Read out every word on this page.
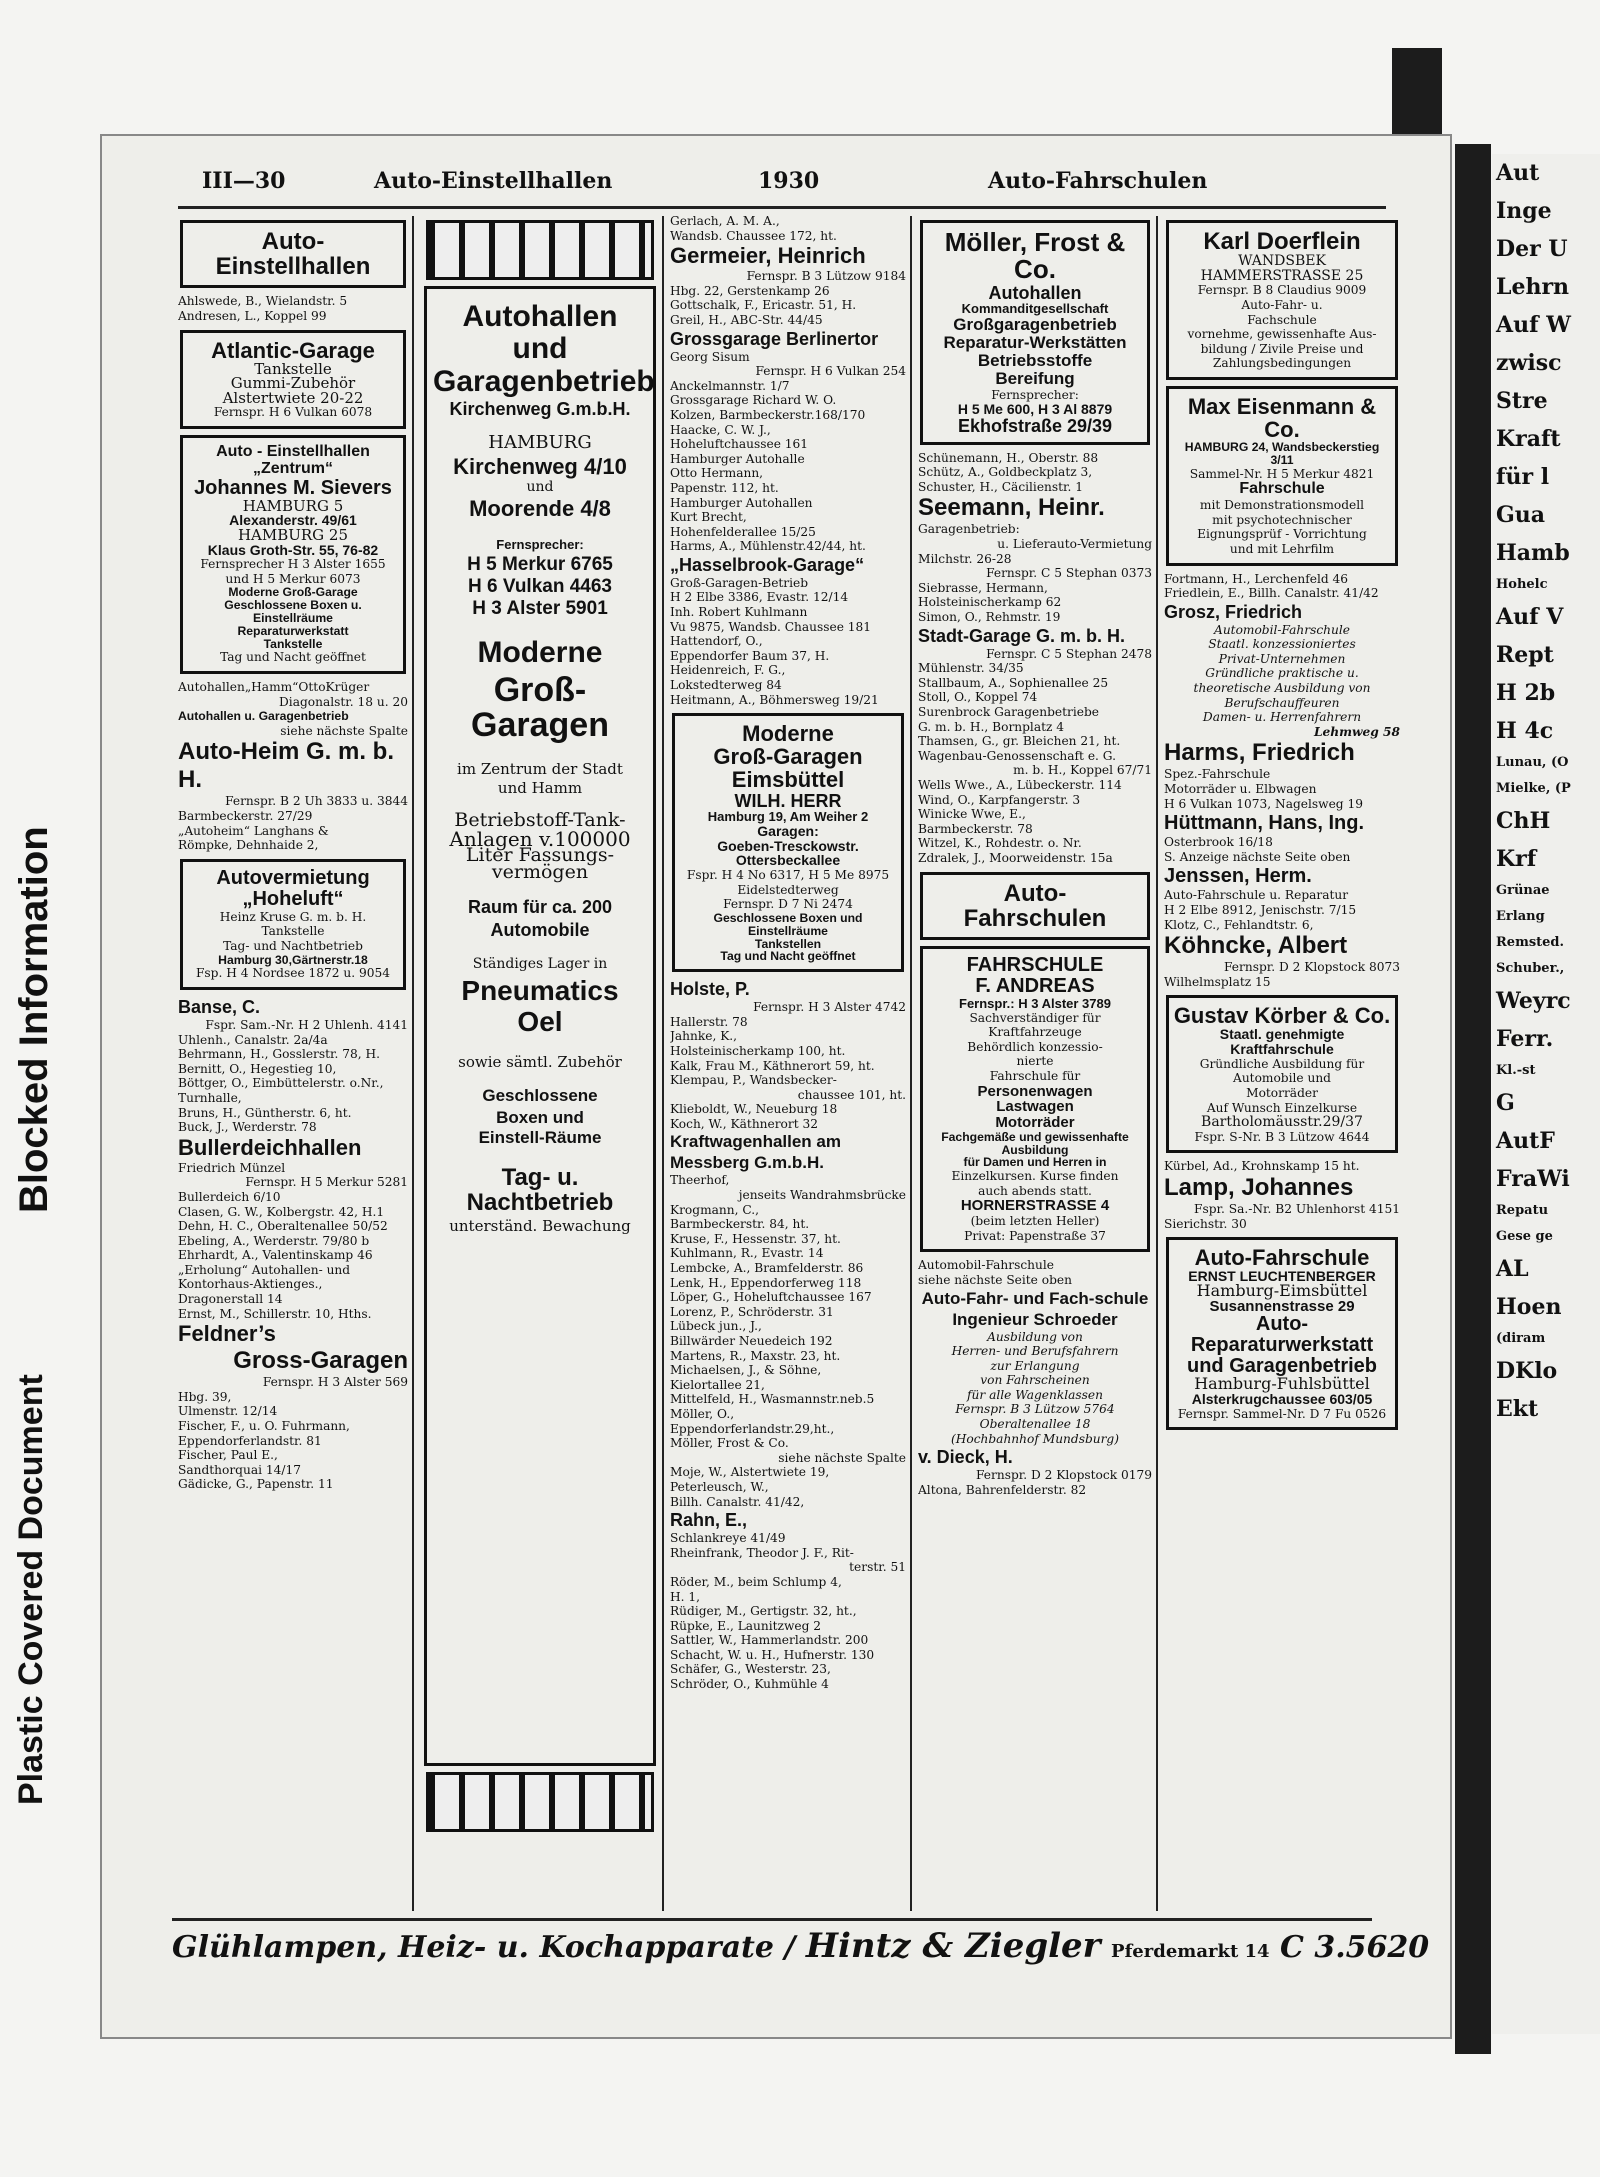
Plastic Covered Document
Blocked Information
III—30	Auto-Einstellhallen	1930	Auto-Fahrschulen
Auto-
Einstellhallen
Ahlswede, B., Wielandstr. 5
Andresen, L., Koppel 99
Atlantic-Garage
Tankstelle
Gummi-Zubehör
Alstertwiete 20-22
Fernspr. H 6 Vulkan 6078
Auto - Einstellhallen
„Zentrum“
Johannes M. Sievers
HAMBURG 5
Alexanderstr. 49/61
HAMBURG 25
Klaus Groth-Str. 55, 76-82
Fernsprecher H 3 Alster 1655
und H 5 Merkur 6073
Moderne Groß-Garage
Geschlossene Boxen u.
Einstellräume
Reparaturwerkstatt
Tankstelle
Tag und Nacht geöffnet
Autohallen„Hamm“OttoKrüger
Diagonalstr. 18 u. 20
Autohallen u. Garagenbetrieb
siehe nächste Spalte
Auto-Heim G. m. b. H.
Fernspr. B 2 Uh 3833 u. 3844
Barmbeckerstr. 27/29
„Autoheim“ Langhans &
Römpke, Dehnhaide 2,
Autovermietung
„Hoheluft“
Heinz Kruse G. m. b. H.
Tankstelle
Tag- und Nachtbetrieb
Hamburg 30,Gärtnerstr.18
Fsp. H 4 Nordsee 1872 u. 9054
Banse, C.
Fspr. Sam.-Nr. H 2 Uhlenh. 4141
Uhlenh., Canalstr. 2a/4a
Behrmann, H., Gosslerstr. 78, H.
Bernitt, O., Hegestieg 10,
Böttger, O., Eimbüttelerstr. o.Nr.,
Turnhalle,
Bruns, H., Güntherstr. 6, ht.
Buck, J., Werderstr. 78
Bullerdeichhallen
Friedrich Münzel
Fernspr. H 5 Merkur 5281
Bullerdeich 6/10
Clasen, G. W., Kolbergstr. 42, H.1
Dehn, H. C., Oberaltenallee 50/52
Ebeling, A., Werderstr. 79/80 b
Ehrhardt, A., Valentinskamp 46
„Erholung“ Autohallen- und
Kontorhaus-Aktienges.,
Dragonerstall 14
Ernst, M., Schillerstr. 10, Hths.
Feldner’s
Gross-Garagen
Fernspr. H 3 Alster 569
Hbg. 39,
Ulmenstr. 12/14
Fischer, F., u. O. Fuhrmann,
Eppendorferlandstr. 81
Fischer, Paul E.,
Sandthorquai 14/17
Gädicke, G., Papenstr. 11
Autohallen und
Garagenbetrieb
Kirchenweg G.m.b.H.
HAMBURG
Kirchenweg 4/10
und
Moorende 4/8
Fernsprecher:
H 5 Merkur 6765
H 6 Vulkan 4463
H 3 Alster 5901
Moderne
Groß-Garagen
im Zentrum der Stadt
und Hamm
Betriebstoff-Tank-
Anlagen v.100000
Liter Fassungs-
vermögen
Raum für ca. 200
Automobile
Ständiges Lager in
Pneumatics
Oel
sowie sämtl. Zubehör
Geschlossene
Boxen und
Einstell-Räume
Tag- u. Nachtbetrieb
unterständ. Bewachung
Gerlach, A. M. A.,
Wandsb. Chaussee 172, ht.
Germeier, Heinrich
Fernspr. B 3 Lützow 9184
Hbg. 22, Gerstenkamp 26
Gottschalk, F., Ericastr. 51, H.
Greil, H., ABC-Str. 44/45
Grossgarage Berlinertor
Georg Sisum
Fernspr. H 6 Vulkan 254
Anckelmannstr. 1/7
Grossgarage Richard W. O.
Kolzen, Barmbeckerstr.168/170
Haacke, C. W. J.,
Hoheluftchaussee 161
Hamburger Autohalle
Otto Hermann,
Papenstr. 112, ht.
Hamburger Autohallen
Kurt Brecht,
Hohenfelderallee 15/25
Harms, A., Mühlenstr.42/44, ht.
„Hasselbrook-Garage“
Groß-Garagen-Betrieb
H 2 Elbe 3386, Evastr. 12/14
Inh. Robert Kuhlmann
Vu 9875, Wandsb. Chaussee 181
Hattendorf, O.,
Eppendorfer Baum 37, H.
Heidenreich, F. G.,
Lokstedterweg 84
Heitmann, A., Böhmersweg 19/21
Moderne
Groß-Garagen
Eimsbüttel
WILH. HERR
Hamburg 19, Am Weiher 2
Garagen:
Goeben-Tresckowstr.
Ottersbeckallee
Fspr. H 4 No 6317, H 5 Me 8975
Eidelstedterweg
Fernspr. D 7 Ni 2474
Geschlossene Boxen und
Einstellräume
Tankstellen
Tag und Nacht geöffnet
Holste, P.
Fernspr. H 3 Alster 4742
Hallerstr. 78
Jahnke, K.,
Holsteinischerkamp 100, ht.
Kalk, Frau M., Käthnerort 59, ht.
Klempau, P., Wandsbecker-
chaussee 101, ht.
Klieboldt, W., Neueburg 18
Koch, W., Käthnerort 32
Kraftwagenhallen am Messberg G.m.b.H.
Theerhof,
jenseits Wandrahmsbrücke
Krogmann, C.,
Barmbeckerstr. 84, ht.
Kruse, F., Hessenstr. 37, ht.
Kuhlmann, R., Evastr. 14
Lembcke, A., Bramfelderstr. 86
Lenk, H., Eppendorferweg 118
Löper, G., Hoheluftchaussee 167
Lorenz, P., Schröderstr. 31
Lübeck jun., J.,
Billwärder Neuedeich 192
Martens, R., Maxstr. 23, ht.
Michaelsen, J., & Söhne,
Kielortallee 21,
Mittelfeld, H., Wasmannstr.neb.5
Möller, O.,
Eppendorferlandstr.29,ht.,
Möller, Frost & Co.
siehe nächste Spalte
Moje, W., Alstertwiete 19,
Peterleusch, W.,
Billh. Canalstr. 41/42,
Rahn, E.,
Schlankreye 41/49
Rheinfrank, Theodor J. F., Rit-
terstr. 51
Röder, M., beim Schlump 4,
H. 1,
Rüdiger, M., Gertigstr. 32, ht.,
Rüpke, E., Launitzweg 2
Sattler, W., Hammerlandstr. 200
Schacht, W. u. H., Hufnerstr. 130
Schäfer, G., Westerstr. 23,
Schröder, O., Kuhmühle 4
Möller, Frost & Co.
Autohallen
Kommanditgesellschaft
Großgaragenbetrieb
Reparatur-Werkstätten
Betriebsstoffe
Bereifung
Fernsprecher:
H 5 Me 600, H 3 Al 8879
Ekhofstraße 29/39
Schünemann, H., Oberstr. 88
Schütz, A., Goldbeckplatz 3,
Schuster, H., Cäcilienstr. 1
Seemann, Heinr.
Garagenbetrieb:
u. Lieferauto-Vermietung
Milchstr. 26-28
Fernspr. C 5 Stephan 0373
Siebrasse, Hermann,
Holsteinischerkamp 62
Simon, O., Rehmstr. 19
Stadt-Garage G. m. b. H.
Fernspr. C 5 Stephan 2478
Mühlenstr. 34/35
Stallbaum, A., Sophienallee 25
Stoll, O., Koppel 74
Surenbrock Garagenbetriebe
G. m. b. H., Bornplatz 4
Thamsen, G., gr. Bleichen 21, ht.
Wagenbau-Genossenschaft e. G.
m. b. H., Koppel 67/71
Wells Wwe., A., Lübeckerstr. 114
Wind, O., Karpfangerstr. 3
Winicke Wwe, E.,
Barmbeckerstr. 78
Witzel, K., Rohdestr. o. Nr.
Zdralek, J., Moorweidenstr. 15a
Auto-
Fahrschulen
FAHRSCHULE
F. ANDREAS
Fernspr.: H 3 Alster 3789
Sachverständiger für
Kraftfahrzeuge
Behördlich konzessio-
nierte
Fahrschule für
Personenwagen
Lastwagen
Motorräder
Fachgemäße und gewissenhafte
Ausbildung
für Damen und Herren in
Einzelkursen. Kurse finden
auch abends statt.
HORNERSTRASSE 4
(beim letzten Heller)
Privat: Papenstraße 37
Automobil-Fahrschule
siehe nächste Seite oben
Auto-Fahr- und Fach-schule Ingenieur Schroeder
Ausbildung von
Herren- und Berufsfahrern
zur Erlangung
von Fahrscheinen
für alle Wagenklassen
Fernspr. B 3 Lützow 5764
Oberaltenallee 18
(Hochbahnhof Mundsburg)
v. Dieck, H.
Fernspr. D 2 Klopstock 0179
Altona, Bahrenfelderstr. 82
Karl Doerflein
WANDSBEK
HAMMERSTRASSE 25
Fernspr. B 8 Claudius 9009
Auto-Fahr- u.
Fachschule
vornehme, gewissenhafte Aus-
bildung / Zivile Preise und
Zahlungsbedingungen
Max Eisenmann & Co.
HAMBURG 24, Wandsbeckerstieg 3/11
Sammel-Nr. H 5 Merkur 4821
Fahrschule
mit Demonstrationsmodell
mit psychotechnischer
Eignungsprüf - Vorrichtung
und mit Lehrfilm
Fortmann, H., Lerchenfeld 46
Friedlein, E., Billh. Canalstr. 41/42
Grosz, Friedrich
Automobil-Fahrschule
Staatl. konzessioniertes
Privat-Unternehmen
Gründliche praktische u.
theoretische Ausbildung von
Berufschauffeuren
Damen- u. Herrenfahrern
Lehmweg 58
Harms, Friedrich
Spez.-Fahrschule
Motorräder u. Elbwagen
H 6 Vulkan 1073, Nagelsweg 19
Hüttmann, Hans, Ing.
Osterbrook 16/18
S. Anzeige nächste Seite oben
Jenssen, Herm.
Auto-Fahrschule u. Reparatur
H 2 Elbe 8912, Jenischstr. 7/15
Klotz, C., Fehlandtstr. 6,
Köhncke, Albert
Fernspr. D 2 Klopstock 8073
Wilhelmsplatz 15
Gustav Körber & Co.
Staatl. genehmigte
Kraftfahrschule
Gründliche Ausbildung für
Automobile und
Motorräder
Auf Wunsch Einzelkurse
Bartholomäusstr.29/37
Fspr. S-Nr. B 3 Lützow 4644
Kürbel, Ad., Krohnskamp 15 ht.
Lamp, Johannes
Fspr. Sa.-Nr. B2 Uhlenhorst 4151
Sierichstr. 30
Auto-Fahrschule
ERNST LEUCHTENBERGER
Hamburg-Eimsbüttel
Susannenstrasse 29
Auto-Reparaturwerkstatt
und Garagenbetrieb
Hamburg-Fuhlsbüttel
Alsterkrugchaussee 603/05
Fernspr. Sammel-Nr. D 7 Fu 0526
Glühlampen, Heiz- u. Kochapparate / Hintz & Ziegler Pferdemarkt 14 C 3.5620
Aut
Inge
Der U
Lehrn
Auf W
zwisc
Stre
Kraft
für l
Gua
Hamb
Hohelc
Auf V
Rept
H 2b
H 4c
Lunau, (O
Mielke, (P
ChH
Krf
Grünae
Erlang
Remsted.
Schuber.,
Weyrc
Ferr.
Kl.-st
G
AutF
FraWi
Repatu
Gese ge
AL
Hoen
(diram
DKlo
Ekt
